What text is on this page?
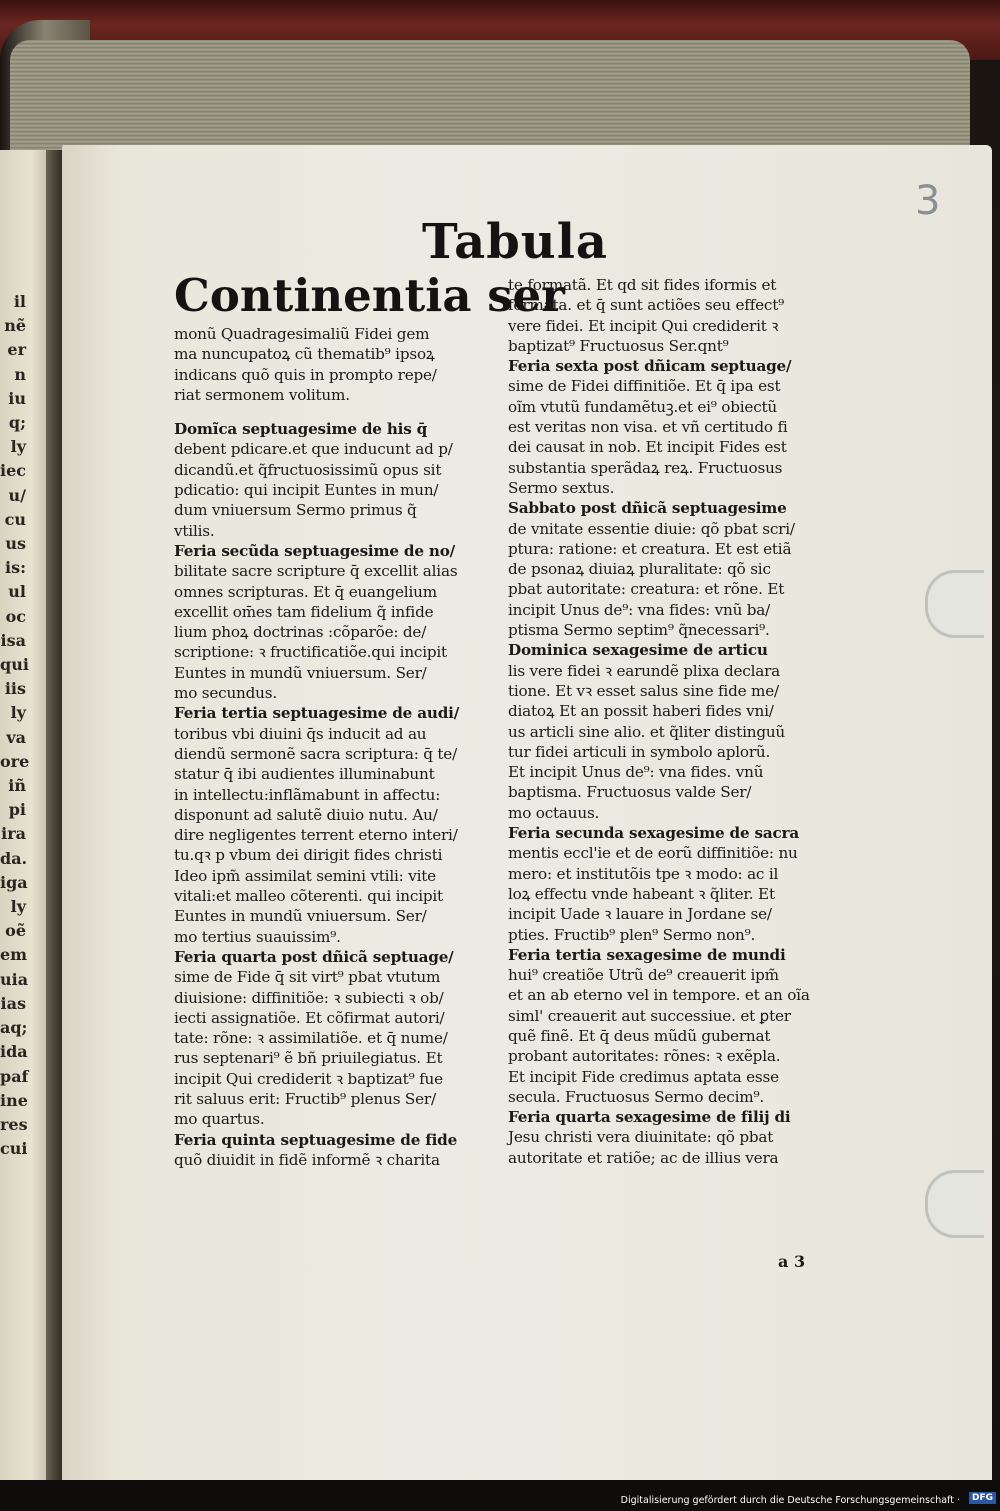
il
nẽ
er
n
iu
q;
ly
iec
u/
cu
us
is:
ul
oc
isa
qui
iis
ly
va
ore
iñ
pi
ira
da.
iga
ly
oẽ
em
uia
ias
aq;
ida
paf
ine
res
cui
3
Tabula
Continentia ser
monũ Quadragesimaliũ Fidei gem
ma nuncupatoꝝ cũ thematib⁹ ipsoꝝ
indicans quõ quis in prompto repe/
riat sermonem volitum.
Domĩca septuagesime de his q̄
debent pdicare.et que inducunt ad p/
dicandũ.et q̃fructuosissimũ opus sit
pdicatio: qui incipit Euntes in mun/
dum vniuersum Sermo primus q̃
vtilis.
Feria secũda septuagesime de no/
bilitate sacre scripture q̄ excellit alias
omnes scripturas. Et q̄ euangelium
excellit om̄es tam fidelium q̃ infide
lium phoꝝ doctrinas :cõparõe: de/
scriptione: ꝛ fructificatiõe.qui incipit
Euntes in mundũ vniuersum. Ser/
mo secundus.
Feria tertia septuagesime de audi/
toribus vbi diuini q̄s inducit ad au
diendũ sermonẽ sacra scriptura: q̄ te/
statur q̄ ibi audientes illuminabunt
in intellectu:inflãmabunt in affectu:
disponunt ad salutẽ diuio nutu. Au/
dire negligentes terrent eterno interi/
tu.qꝛ p vbum dei dirigit fides christi
Ideo ipm̃ assimilat semini vtili: vite
vitali:et malleo cõterenti. qui incipit
Euntes in mundũ vniuersum. Ser/
mo tertius suauissim⁹.
Feria quarta post dñicã septuage/
sime de Fide q̄ sit virt⁹ pbat vtutum
diuisione: diffinitiõe: ꝛ subiecti ꝛ ob/
iecti assignatiõe. Et cõfirmat autori/
tate: rõne: ꝛ assimilatiõe. et q̄ nume/
rus septenari⁹ ẽ bñ priuilegiatus. Et
incipit Qui crediderit ꝛ baptizat⁹ fue
rit saluus erit: Fructib⁹ plenus Ser/
mo quartus.
Feria quinta septuagesime de fide
quõ diuidit in fidẽ informẽ ꝛ charita
te formatã. Et qd sit fides iformis et
formata. et q̄ sunt actiões seu effect⁹
vere fidei. Et incipit Qui crediderit ꝛ
baptizat⁹ Fructuosus Ser.qnt⁹
Feria sexta post dñicam septuage/
sime de Fidei diffinitiõe. Et q̄ ipa est
oĩm vtutũ fundamẽtuꝫ.et ei⁹ obiectũ
est veritas non visa. et vñ certitudo fi
dei causat in nob. Et incipit Fides est
substantia sperãdaꝝ reꝝ. Fructuosus
Sermo sextus.
Sabbato post dñicã septuagesime
de vnitate essentie diuie: qõ pbat scri/
ptura: ratione: et creatura. Et est etiã
de psonaꝝ diuiaꝝ pluralitate: qõ sic
pbat autoritate: creatura: et rõne. Et
incipit Unus de⁹: vna fides: vnũ ba/
ptisma Sermo septim⁹ q̃necessari⁹.
Dominica sexagesime de articu
lis vere fidei ꝛ earundẽ plixa declara
tione. Et vꝛ esset salus sine fide me/
diatoꝝ Et an possit haberi fides vni/
us articli sine alio. et q̃liter distinguũ
tur fidei articuli in symbolo aplorũ.
Et incipit Unus de⁹: vna fides. vnũ
baptisma. Fructuosus valde Ser/
mo octauus.
Feria secunda sexagesime de sacra
mentis eccl'ie et de eorũ diffinitiõe: nu
mero: et institutõis tpe ꝛ modo: ac il
loꝝ effectu vnde habeant ꝛ q̃liter. Et
incipit Uade ꝛ lauare in Jordane se/
pties. Fructib⁹ plen⁹ Sermo non⁹.
Feria tertia sexagesime de mundi
hui⁹ creatiõe Utrũ de⁹ creauerit ipm̃
et an ab eterno vel in tempore. et an oĩa
siml' creauerit aut successiue. et ꝑter
quẽ finẽ. Et q̄ deus mũdũ gubernat
probant autoritates: rõnes: ꝛ exẽpla.
Et incipit Fide credimus aptata esse
secula. Fructuosus Sermo decim⁹.
Feria quarta sexagesime de filij di
Jesu christi vera diuinitate: qõ pbat
autoritate et ratiõe; ac de illius vera
a 3
Digitalisierung gefördert durch die Deutsche Forschungsgemeinschaft ·	DFG
